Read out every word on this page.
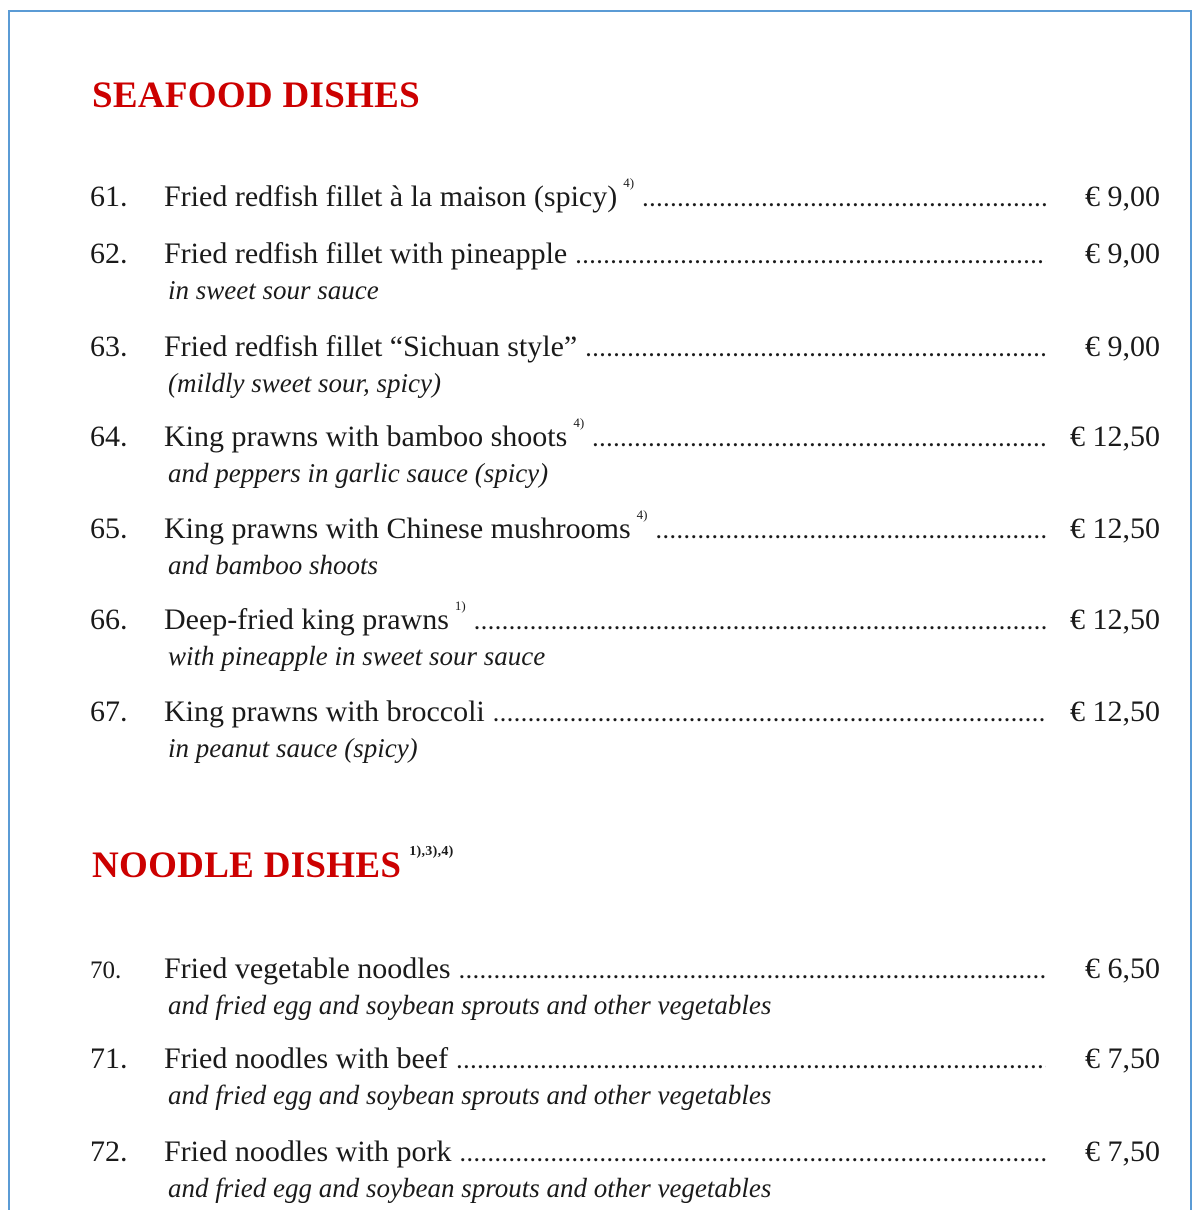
SEAFOOD DISHES
61.	Fried redfish fillet à la maison (spicy) $^{4)}$ .....	€ 9,00
62.	Fried redfish fillet with pineapple .....	€ 9,00
in sweet sour sauce
63.	Fried redfish fillet “Sichuan style” .....	€ 9,00
(mildly sweet sour, spicy)
64.	King prawns with bamboo shoots $^{4)}$ .....	€ 12,50
and peppers in garlic sauce (spicy)
65.	King prawns with Chinese mushrooms $^{4)}$ .....	€ 12,50
and bamboo shoots
66.	Deep-fried king prawns $^{1)}$ .....	€ 12,50
with pineapple in sweet sour sauce
67.	King prawns with broccoli .....	€ 12,50
in peanut sauce (spicy)
NOODLE DISHES $^{1),3),4)}$
70.	Fried vegetable noodles .....	€ 6,50
and fried egg and soybean sprouts and other vegetables
71.	Fried noodles with beef .....	€ 7,50
and fried egg and soybean sprouts and other vegetables
72.	Fried noodles with pork .....	€ 7,50
and fried egg and soybean sprouts and other vegetables
